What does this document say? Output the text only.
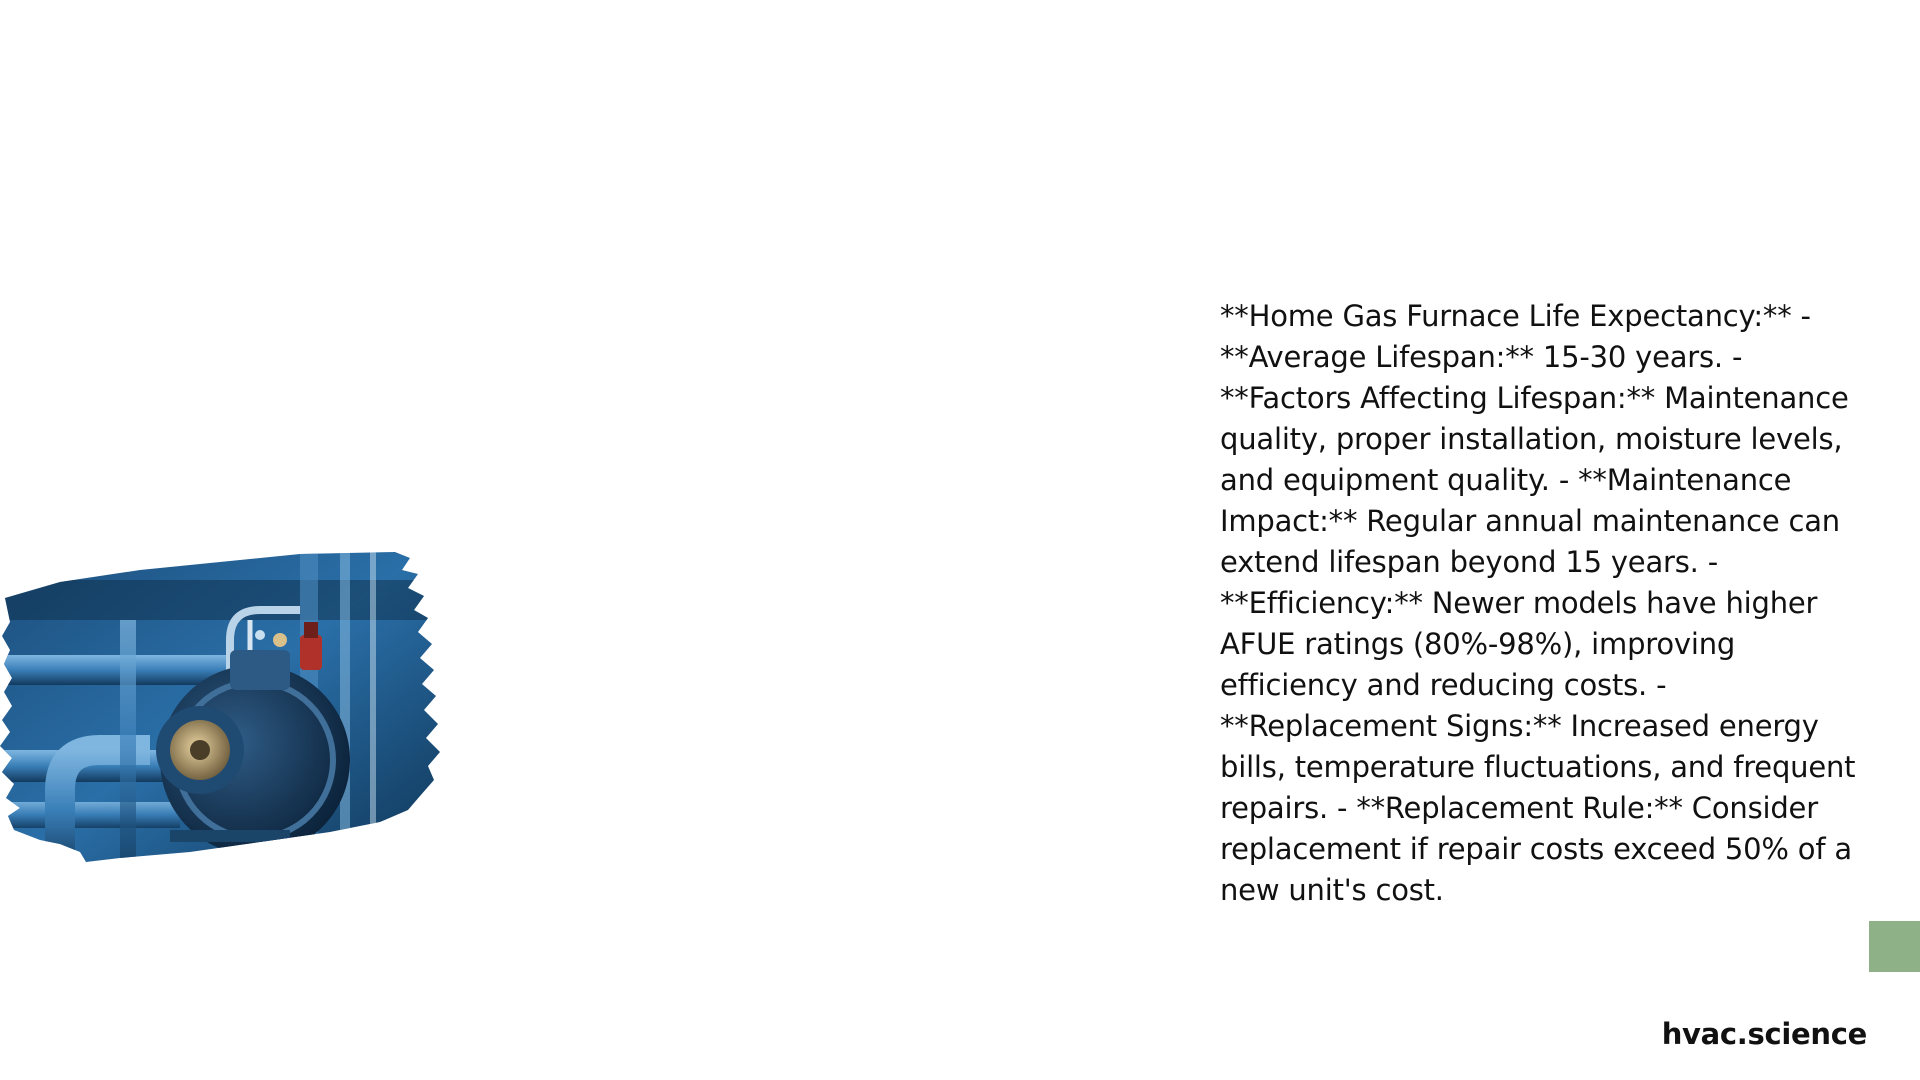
**Home Gas Furnace Life Expectancy:** - **Average Lifespan:** 15-30 years. - **Factors Affecting Lifespan:** Maintenance quality, proper installation, moisture levels, and equipment quality. - **Maintenance Impact:** Regular annual maintenance can extend lifespan beyond 15 years. - **Efficiency:** Newer models have higher AFUE ratings (80%-98%), improving efficiency and reducing costs. - **Replacement Signs:** Increased energy bills, temperature fluctuations, and frequent repairs. - **Replacement Rule:** Consider replacement if repair costs exceed 50% of a new unit's cost.

hvac.science
